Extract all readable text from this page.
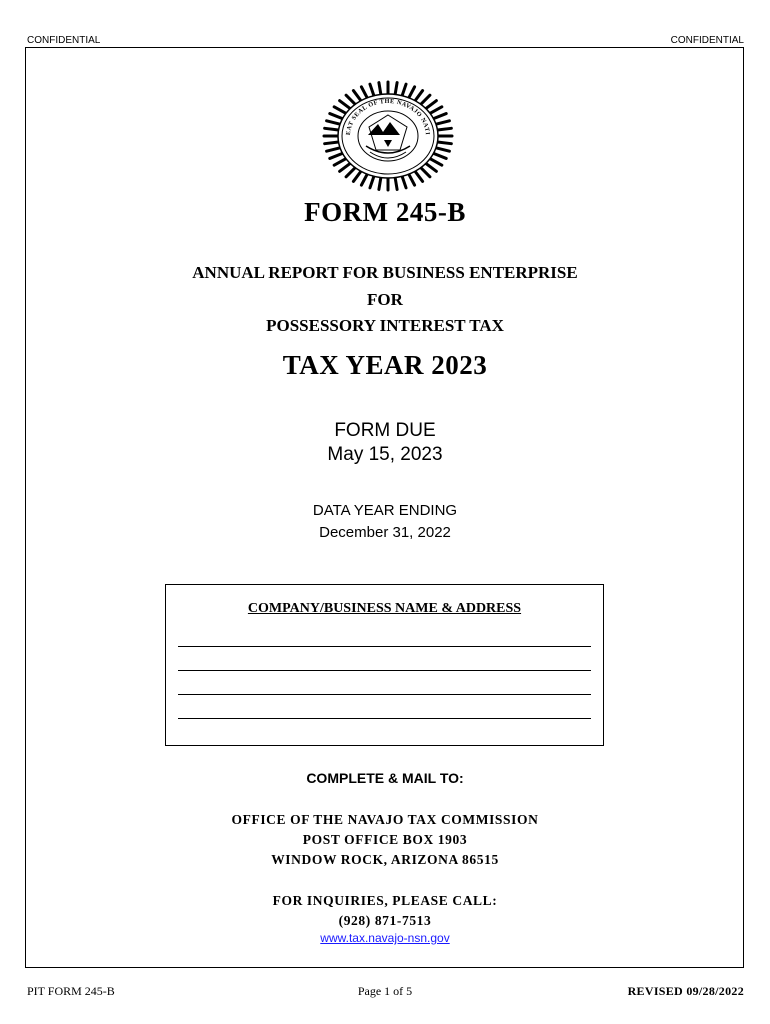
CONFIDENTIAL	CONFIDENTIAL
EAT SEAL OF THE NAVAJO NATI
FORM 245-B
ANNUAL REPORT FOR BUSINESS ENTERPRISE
FOR
POSSESSORY INTEREST TAX
TAX YEAR 2023
FORM DUE
May 15, 2023
DATA YEAR ENDING
December 31, 2022
COMPANY/BUSINESS NAME & ADDRESS
COMPLETE & MAIL TO:
OFFICE OF THE NAVAJO TAX COMMISSION
POST OFFICE BOX 1903
WINDOW ROCK, ARIZONA 86515
FOR INQUIRIES, PLEASE CALL:
(928) 871-7513
www.tax.navajo-nsn.gov
PIT FORM 245-B	Page 1 of 5	REVISED 09/28/2022
